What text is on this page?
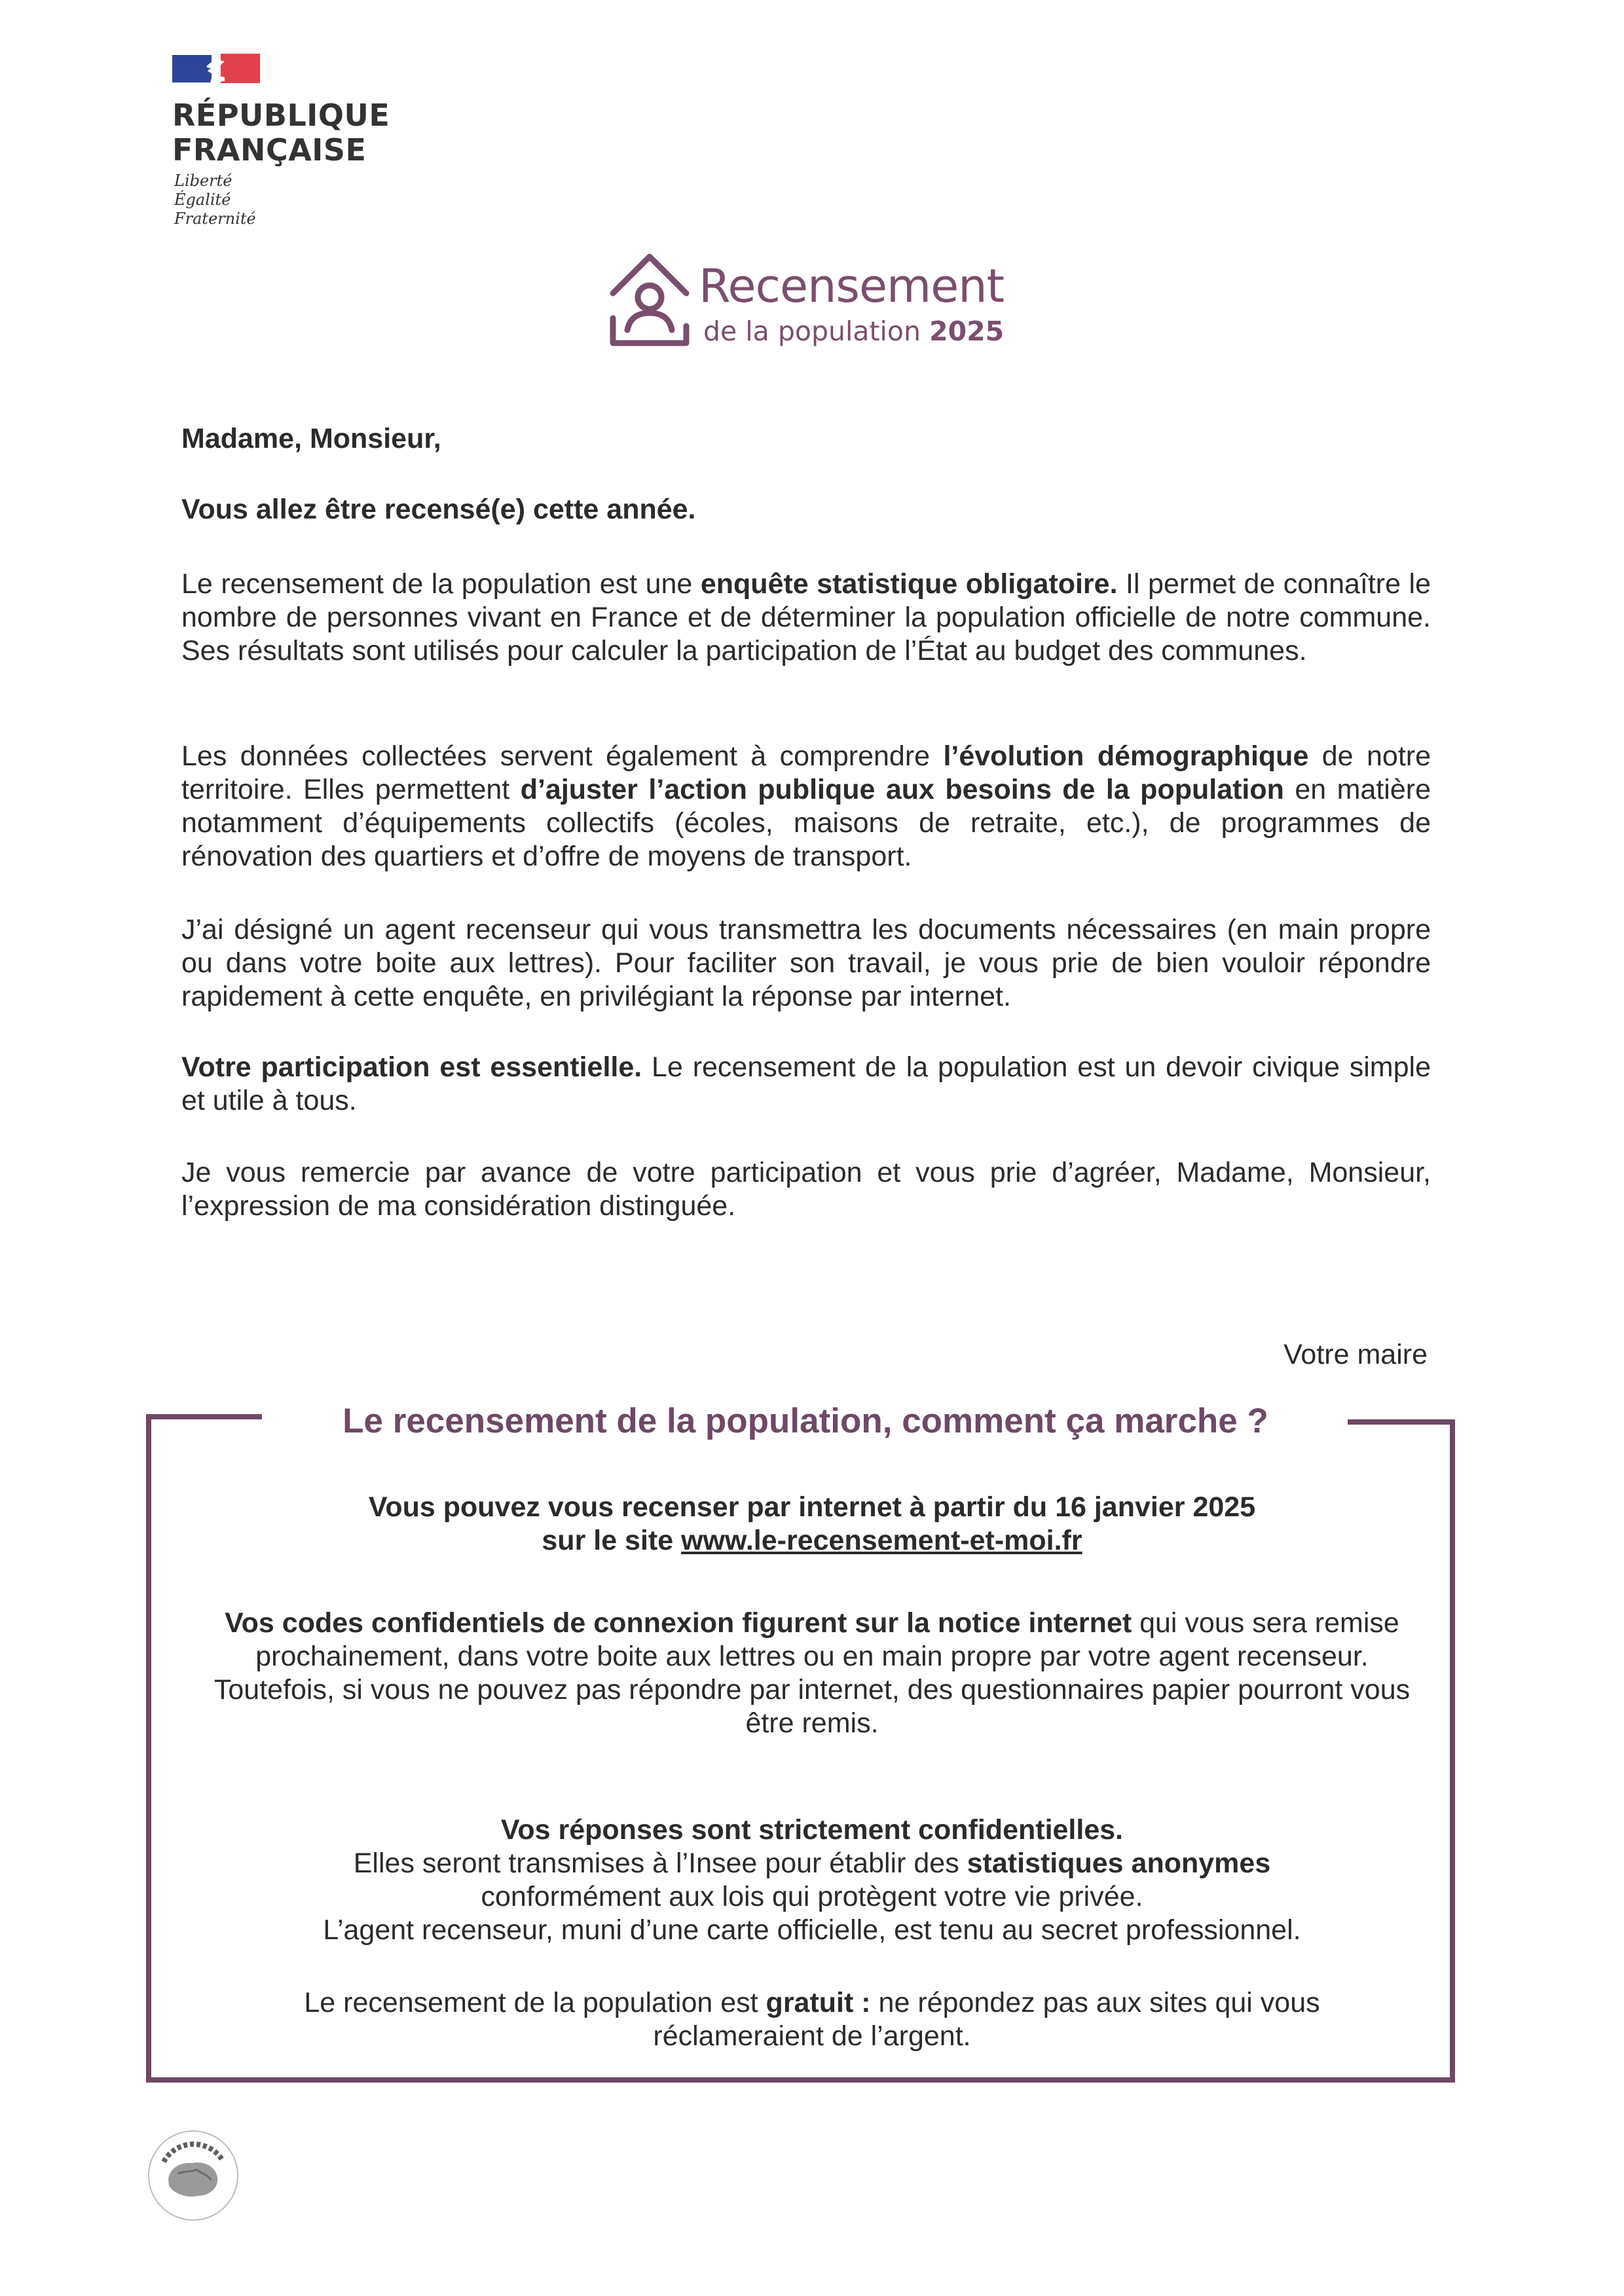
RÉPUBLIQUE
FRANÇAISE
Liberté
Égalité
Fraternité
Recensement
de la population 2025
Madame, Monsieur,
Vous allez être recensé(e) cette année.
Le recensement de la population est une enquête statistique obligatoire. Il permet de connaître le nombre de personnes vivant en France et de déterminer la population officielle de notre commune. Ses résultats sont utilisés pour calculer la participation de l’État au budget des communes.
Les données collectées servent également à comprendre l’évolution démographique de notre territoire. Elles permettent d’ajuster l’action publique aux besoins de la population en matière notamment d’équipements collectifs (écoles, maisons de retraite, etc.), de programmes de rénovation des quartiers et d’offre de moyens de transport.
J’ai désigné un agent recenseur qui vous transmettra les documents nécessaires (en main propre ou dans votre boite aux lettres). Pour faciliter son travail, je vous prie de bien vouloir répondre rapidement à cette enquête, en privilégiant la réponse par internet.
Votre participation est essentielle. Le recensement de la population est un devoir civique simple et utile à tous.
Je vous remercie par avance de votre participation et vous prie d’agréer, Madame, Monsieur, l’expression de ma considération distinguée.
Votre maire
Le recensement de la population, comment ça marche ?
Vous pouvez vous recenser par internet à partir du 16 janvier 2025
sur le site www.le-recensement-et-moi.fr
Vos codes confidentiels de connexion figurent sur la notice internet qui vous sera remise prochainement, dans votre boite aux lettres ou en main propre par votre agent recenseur.
Toutefois, si vous ne pouvez pas répondre par internet, des questionnaires papier pourront vous être remis.
Vos réponses sont strictement confidentielles.
Elles seront transmises à l’Insee pour établir des statistiques anonymes conformément aux lois qui protègent votre vie privée.
L’agent recenseur, muni d’une carte officielle, est tenu au secret professionnel.
Le recensement de la population est gratuit : ne répondez pas aux sites qui vous réclameraient de l’argent.
